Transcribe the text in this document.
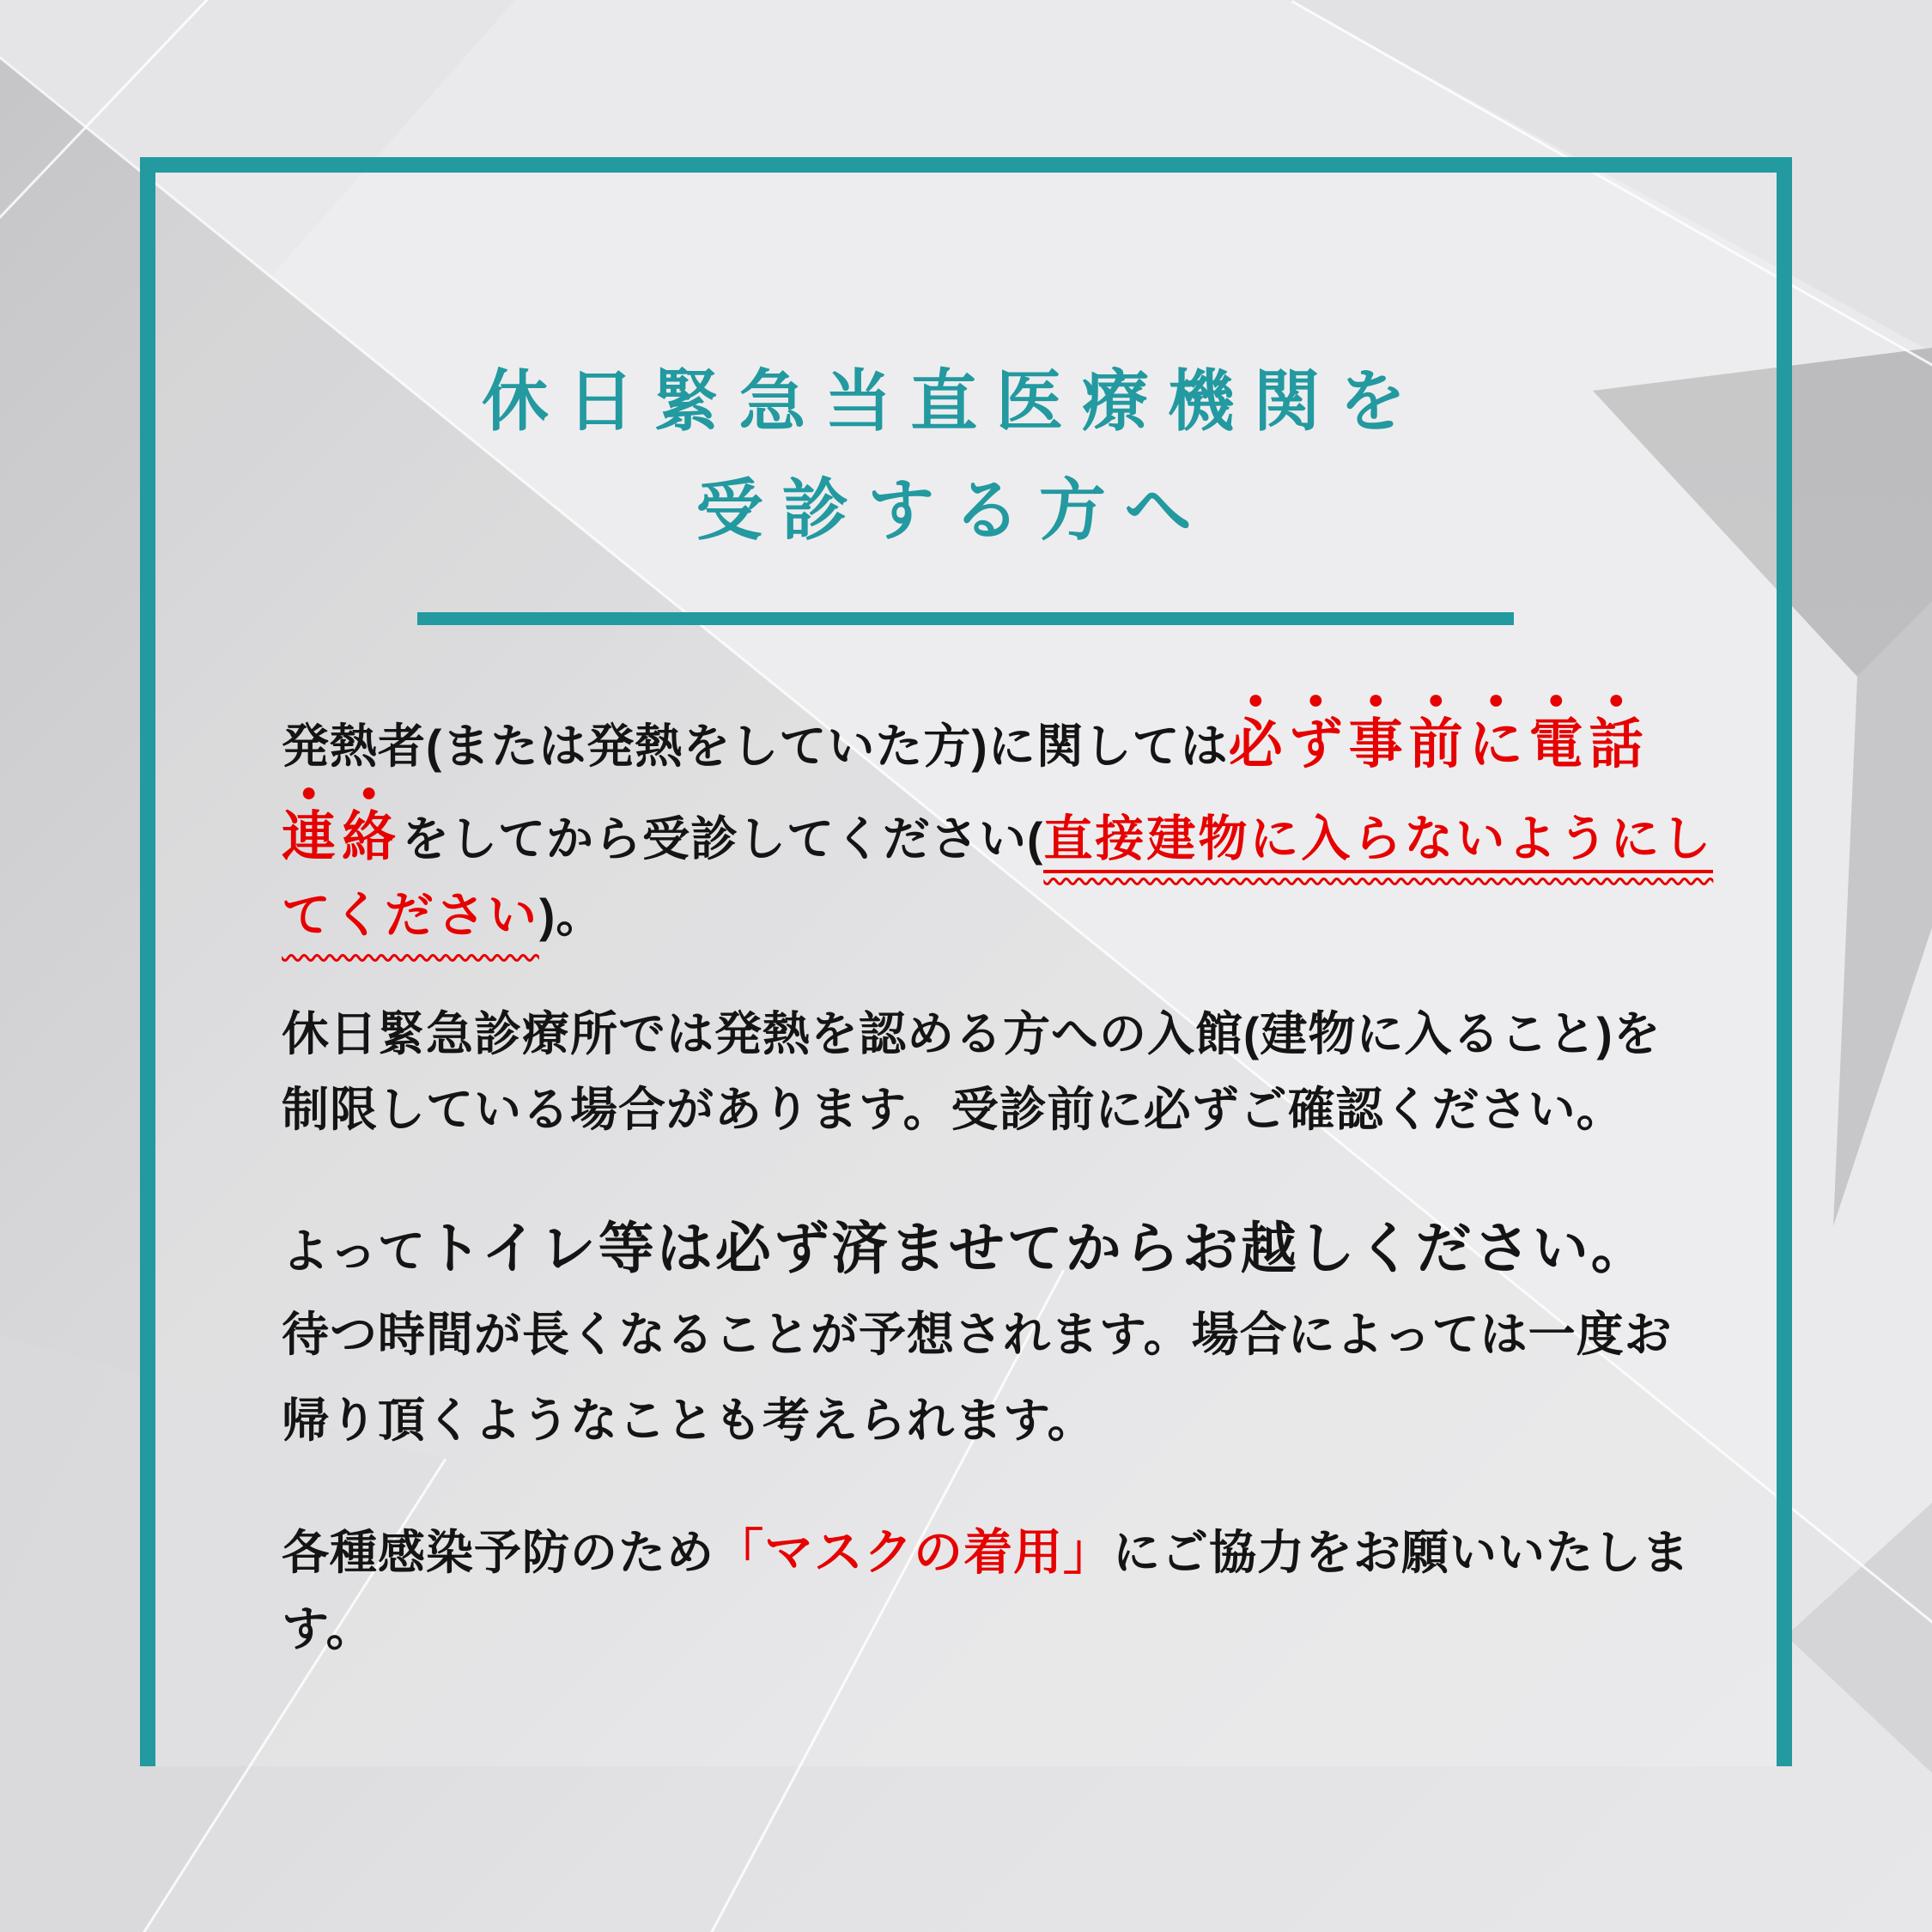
休日緊急当直医療機関を
受診する方へ
発熱者(または発熱をしていた方)に関しては必ず事前に電話
連絡をしてから受診してください(直接建物に入らないようにし
てください)。
休日緊急診療所では発熱を認める方への入館(建物に入ること)を
制限している場合があります。受診前に必ずご確認ください。
よってトイレ等は必ず済ませてからお越しください。
待つ時間が長くなることが予想されます。場合によっては一度お
帰り頂くようなことも考えられます。
各種感染予防のため「マスクの着用」にご協力をお願いいたしま
す。
